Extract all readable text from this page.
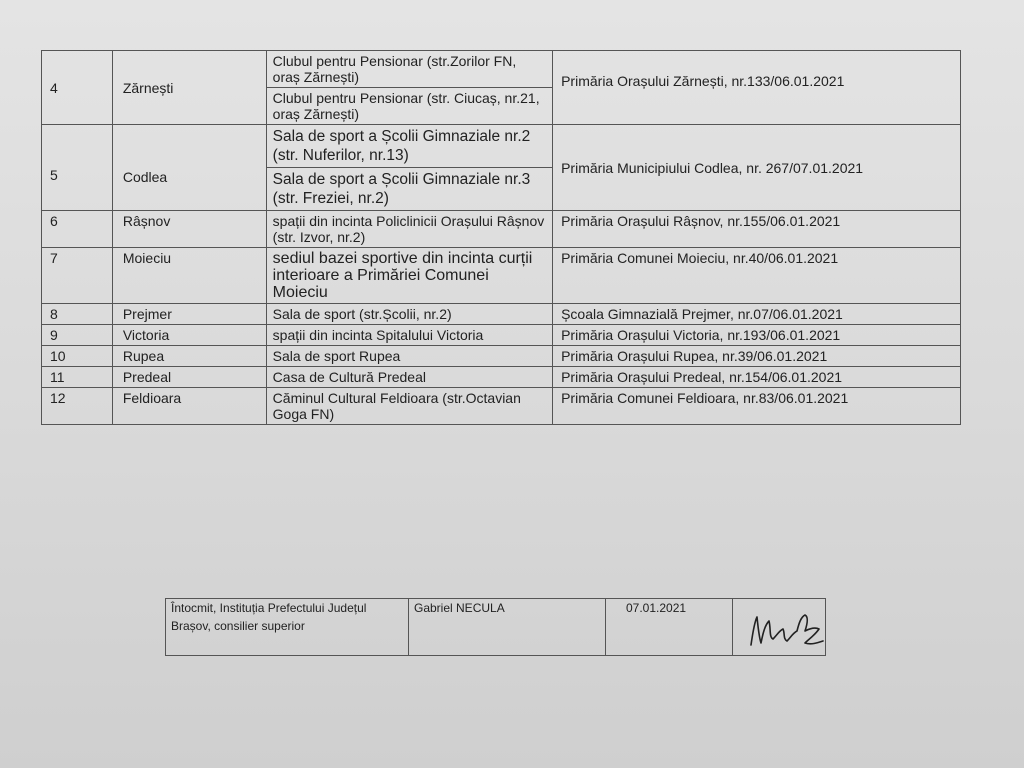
4	Zărnești	Clubul pentru Pensionar (str.Zorilor FN, oraș Zărnești)	Primăria Orașului Zărnești, nr.133/06.01.2021
		Clubul pentru Pensionar (str. Ciucaș, nr.21, oraș Zărnești)	
5	Codlea	Sala de sport a Școlii Gimnaziale nr.2 (str. Nuferilor, nr.13)	Primăria Municipiului Codlea, nr. 267/07.01.2021
		Sala de sport a Școlii Gimnaziale nr.3 (str. Freziei, nr.2)	
6	Râșnov	spații din incinta Policlinicii Orașului Râșnov (str. Izvor, nr.2)	Primăria Orașului Râșnov, nr.155/06.01.2021
7	Moieciu	sediul bazei sportive din incinta curții interioare a Primăriei Comunei Moieciu	Primăria Comunei Moieciu, nr.40/06.01.2021
8	Prejmer	Sala de sport (str.Școlii, nr.2)	Școala Gimnazială Prejmer, nr.07/06.01.2021
9	Victoria	spații din incinta Spitalului Victoria	Primăria Orașului Victoria, nr.193/06.01.2021
10	Rupea	Sala de sport Rupea	Primăria Orașului Rupea, nr.39/06.01.2021
11	Predeal	Casa de Cultură Predeal	Primăria Orașului Predeal, nr.154/06.01.2021
12	Feldioara	Căminul Cultural Feldioara (str.Octavian Goga FN)	Primăria Comunei Feldioara, nr.83/06.01.2021
Întocmit, Instituția Prefectului Județul Brașov, consilier superior	Gabriel NECULA	07.01.2021	
